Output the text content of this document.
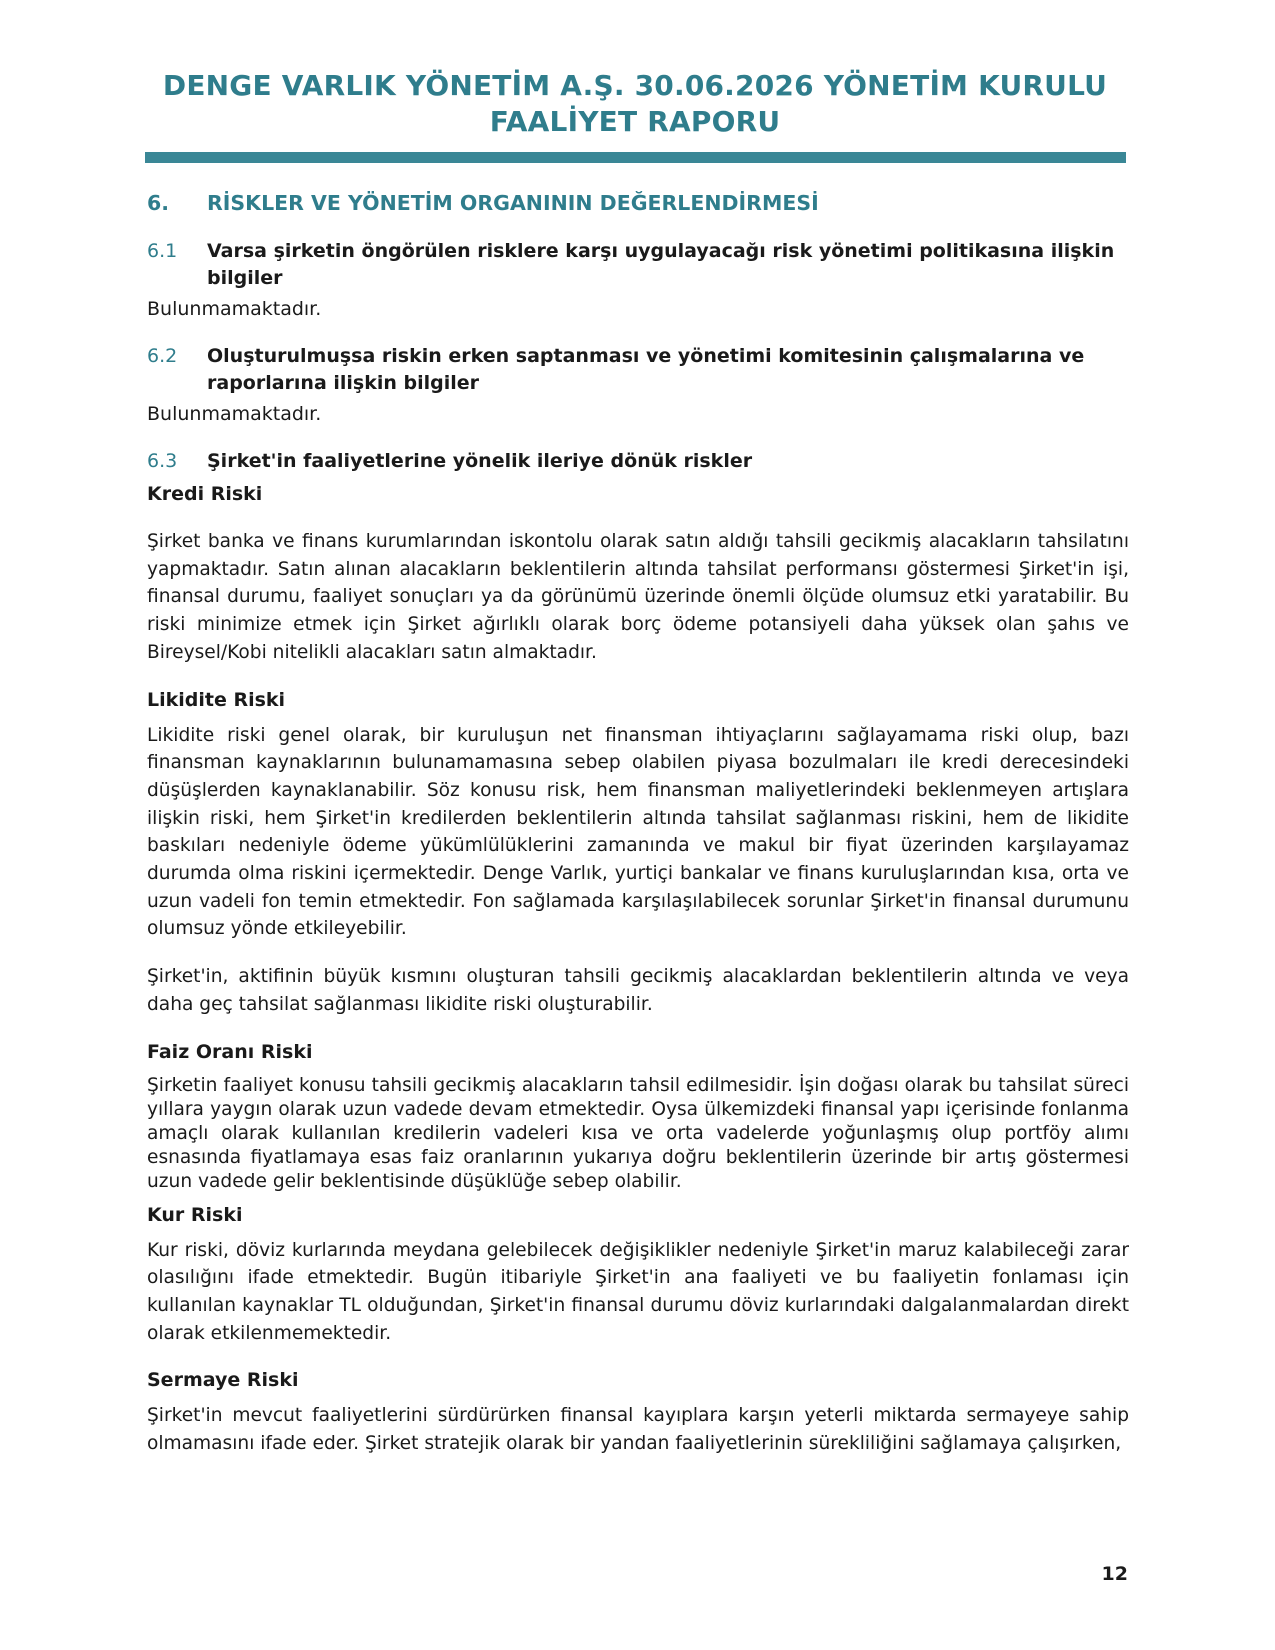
DENGE VARLIK YÖNETİM A.Ş. 30.06.2026 YÖNETİM KURULU
FAALİYET RAPORU
6.	RİSKLER VE YÖNETİM ORGANININ DEĞERLENDİRMESİ
6.1	Varsa şirketin öngörülen risklere karşı uygulayacağı risk yönetimi politikasına ilişkin bilgiler

Bulunmamaktadır.

6.2	Oluşturulmuşsa riskin erken saptanması ve yönetimi komitesinin çalışmalarına ve raporlarına ilişkin bilgiler

Bulunmamaktadır.

6.3	Şirket'in faaliyetlerine yönelik ileriye dönük riskler

Kredi Riski

Şirket banka ve finans kurumlarından iskontolu olarak satın aldığı tahsili gecikmiş alacakların tahsilatını yapmaktadır. Satın alınan alacakların beklentilerin altında tahsilat performansı göstermesi Şirket'in işi, finansal durumu, faaliyet sonuçları ya da görünümü üzerinde önemli ölçüde olumsuz etki yaratabilir. Bu riski minimize etmek için Şirket ağırlıklı olarak borç ödeme potansiyeli daha yüksek olan şahıs ve Bireysel/Kobi nitelikli alacakları satın almaktadır.

Likidite Riski

Likidite riski genel olarak, bir kuruluşun net finansman ihtiyaçlarını sağlayamama riski olup, bazı finansman kaynaklarının bulunamamasına sebep olabilen piyasa bozulmaları ile kredi derecesindeki düşüşlerden kaynaklanabilir. Söz konusu risk, hem finansman maliyetlerindeki beklenmeyen artışlara ilişkin riski, hem Şirket'in kredilerden beklentilerin altında tahsilat sağlanması riskini, hem de likidite baskıları nedeniyle ödeme yükümlülüklerini zamanında ve makul bir fiyat üzerinden karşılayamaz durumda olma riskini içermektedir. Denge Varlık, yurtiçi bankalar ve finans kuruluşlarından kısa, orta ve uzun vadeli fon temin etmektedir. Fon sağlamada karşılaşılabilecek sorunlar Şirket'in finansal durumunu olumsuz yönde etkileyebilir.

Şirket'in, aktifinin büyük kısmını oluşturan tahsili gecikmiş alacaklardan beklentilerin altında ve veya daha geç tahsilat sağlanması likidite riski oluşturabilir.

Faiz Oranı Riski

Şirketin faaliyet konusu tahsili gecikmiş alacakların tahsil edilmesidir. İşin doğası olarak bu tahsilat süreci yıllara yaygın olarak uzun vadede devam etmektedir. Oysa ülkemizdeki finansal yapı içerisinde fonlanma amaçlı olarak kullanılan kredilerin vadeleri kısa ve orta vadelerde yoğunlaşmış olup portföy alımı esnasında fiyatlamaya esas faiz oranlarının yukarıya doğru beklentilerin üzerinde bir artış göstermesi uzun vadede gelir beklentisinde düşüklüğe sebep olabilir.

Kur Riski

Kur riski, döviz kurlarında meydana gelebilecek değişiklikler nedeniyle Şirket'in maruz kalabileceği zarar olasılığını ifade etmektedir. Bugün itibariyle Şirket'in ana faaliyeti ve bu faaliyetin fonlaması için kullanılan kaynaklar TL olduğundan, Şirket'in finansal durumu döviz kurlarındaki dalgalanmalardan direkt olarak etkilenmemektedir.

Sermaye Riski

Şirket'in mevcut faaliyetlerini sürdürürken finansal kayıplara karşın yeterli miktarda sermayeye sahip olmamasını ifade eder. Şirket stratejik olarak bir yandan faaliyetlerinin sürekliliğini sağlamaya çalışırken,

12
